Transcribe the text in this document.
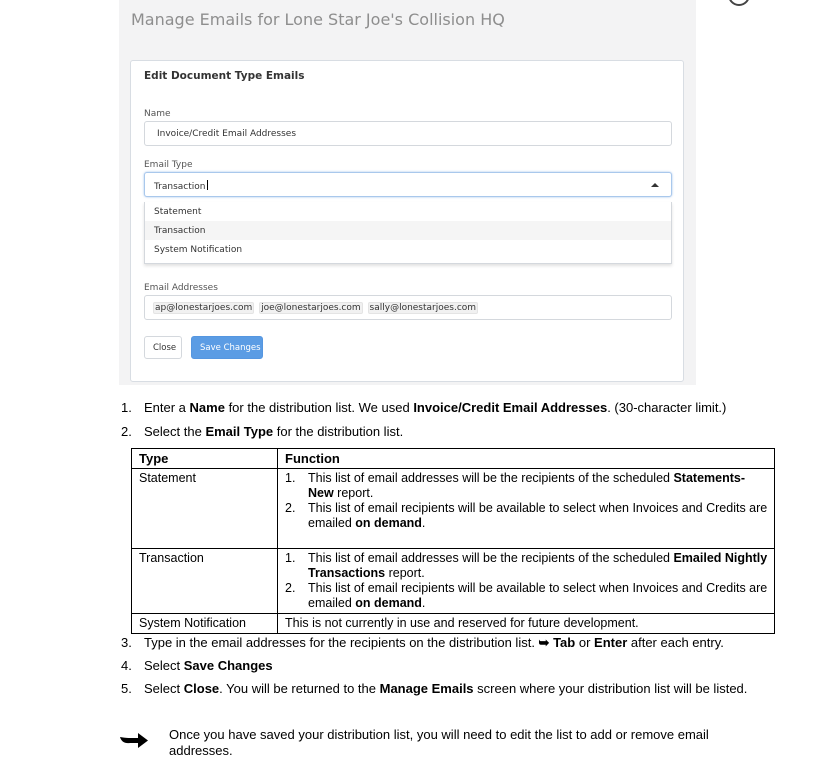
Manage Emails for Lone Star Joe's Collision HQ
Edit Document Type Emails
Name
Invoice/Credit Email Addresses
Email Type
Transaction
Statement
Transaction
System Notification
Email Addresses
ap@lonestarjoes.com joe@lonestarjoes.com sally@lonestarjoes.com
Close	Save Changes
1. Enter a Name for the distribution list. We used Invoice/Credit Email Addresses. (30-character limit.)
2. Select the Email Type for the distribution list.
Type	Function
Statement	1. This list of email addresses will be the recipients of the scheduled Statements-New report.
2. This list of email recipients will be available to select when Invoices and Credits are emailed on demand.

Transaction	1. This list of email addresses will be the recipients of the scheduled Emailed Nightly Transactions report.
2. This list of email recipients will be available to select when Invoices and Credits are emailed on demand.

System Notification	This is not currently in use and reserved for future development.
3. Type in the email addresses for the recipients on the distribution list. ➥ Tab or Enter after each entry.
4. Select Save Changes
5. Select Close. You will be returned to the Manage Emails screen where your distribution list will be listed.
Once you have saved your distribution list, you will need to edit the list to add or remove email addresses.
